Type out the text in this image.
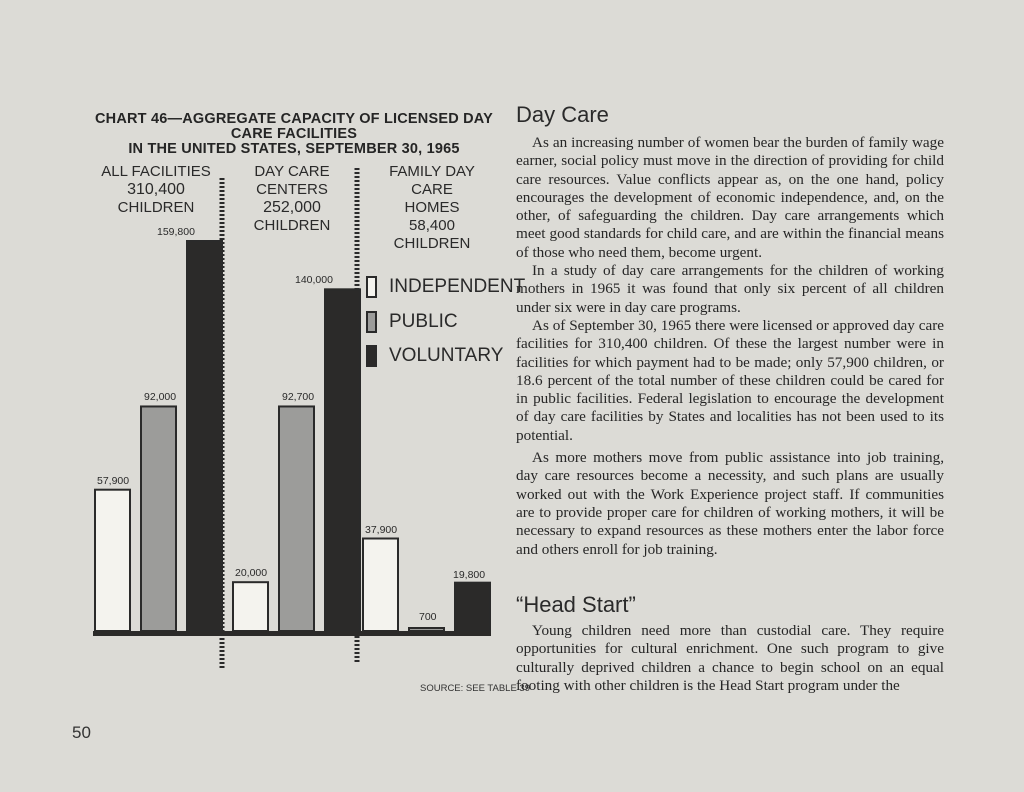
CHART 46—AGGREGATE CAPACITY OF LICENSED DAY CARE FACILITIES
IN THE UNITED STATES, SEPTEMBER 30, 1965
ALL FACILITIES
310,400
CHILDREN
DAY CARE CENTERS
252,000
CHILDREN
FAMILY DAY CARE
HOMES
58,400
CHILDREN
57,900
92,000
159,800
20,000
92,700
140,000
37,900
700
19,800
INDEPENDENT
PUBLIC
VOLUNTARY
SOURCE: SEE TABLE 39
50
Day Care

As an increasing number of women bear the burden of family wage earner, social policy must move in the direction of providing for child care resources. Value conflicts appear as, on the one hand, policy encourages the development of economic independence, and, on the other, of safeguarding the children. Day care arrangements which meet good standards for child care, and are within the financial means of those who need them, become urgent.

In a study of day care arrangements for the children of working mothers in 1965 it was found that only six percent of all children under six were in day care programs.

As of September 30, 1965 there were licensed or approved day care facilities for 310,400 children. Of these the largest number were in facilities for which payment had to be made; only 57,900 children, or 18.6 percent of the total number of these children could be cared for in public facilities. Federal legislation to encourage the development of day care facilities by States and localities has not been used to its potential.

As more mothers move from public assistance into job training, day care resources become a necessity, and such plans are usually worked out with the Work Experience project staff. If communities are to provide proper care for children of working mothers, it will be necessary to expand resources as these mothers enter the labor force and others enroll for job training.

“Head Start”

Young children need more than custodial care. They require opportunities for cultural enrichment. One such program to give culturally deprived children a chance to begin school on an equal footing with other children is the Head Start program under the
